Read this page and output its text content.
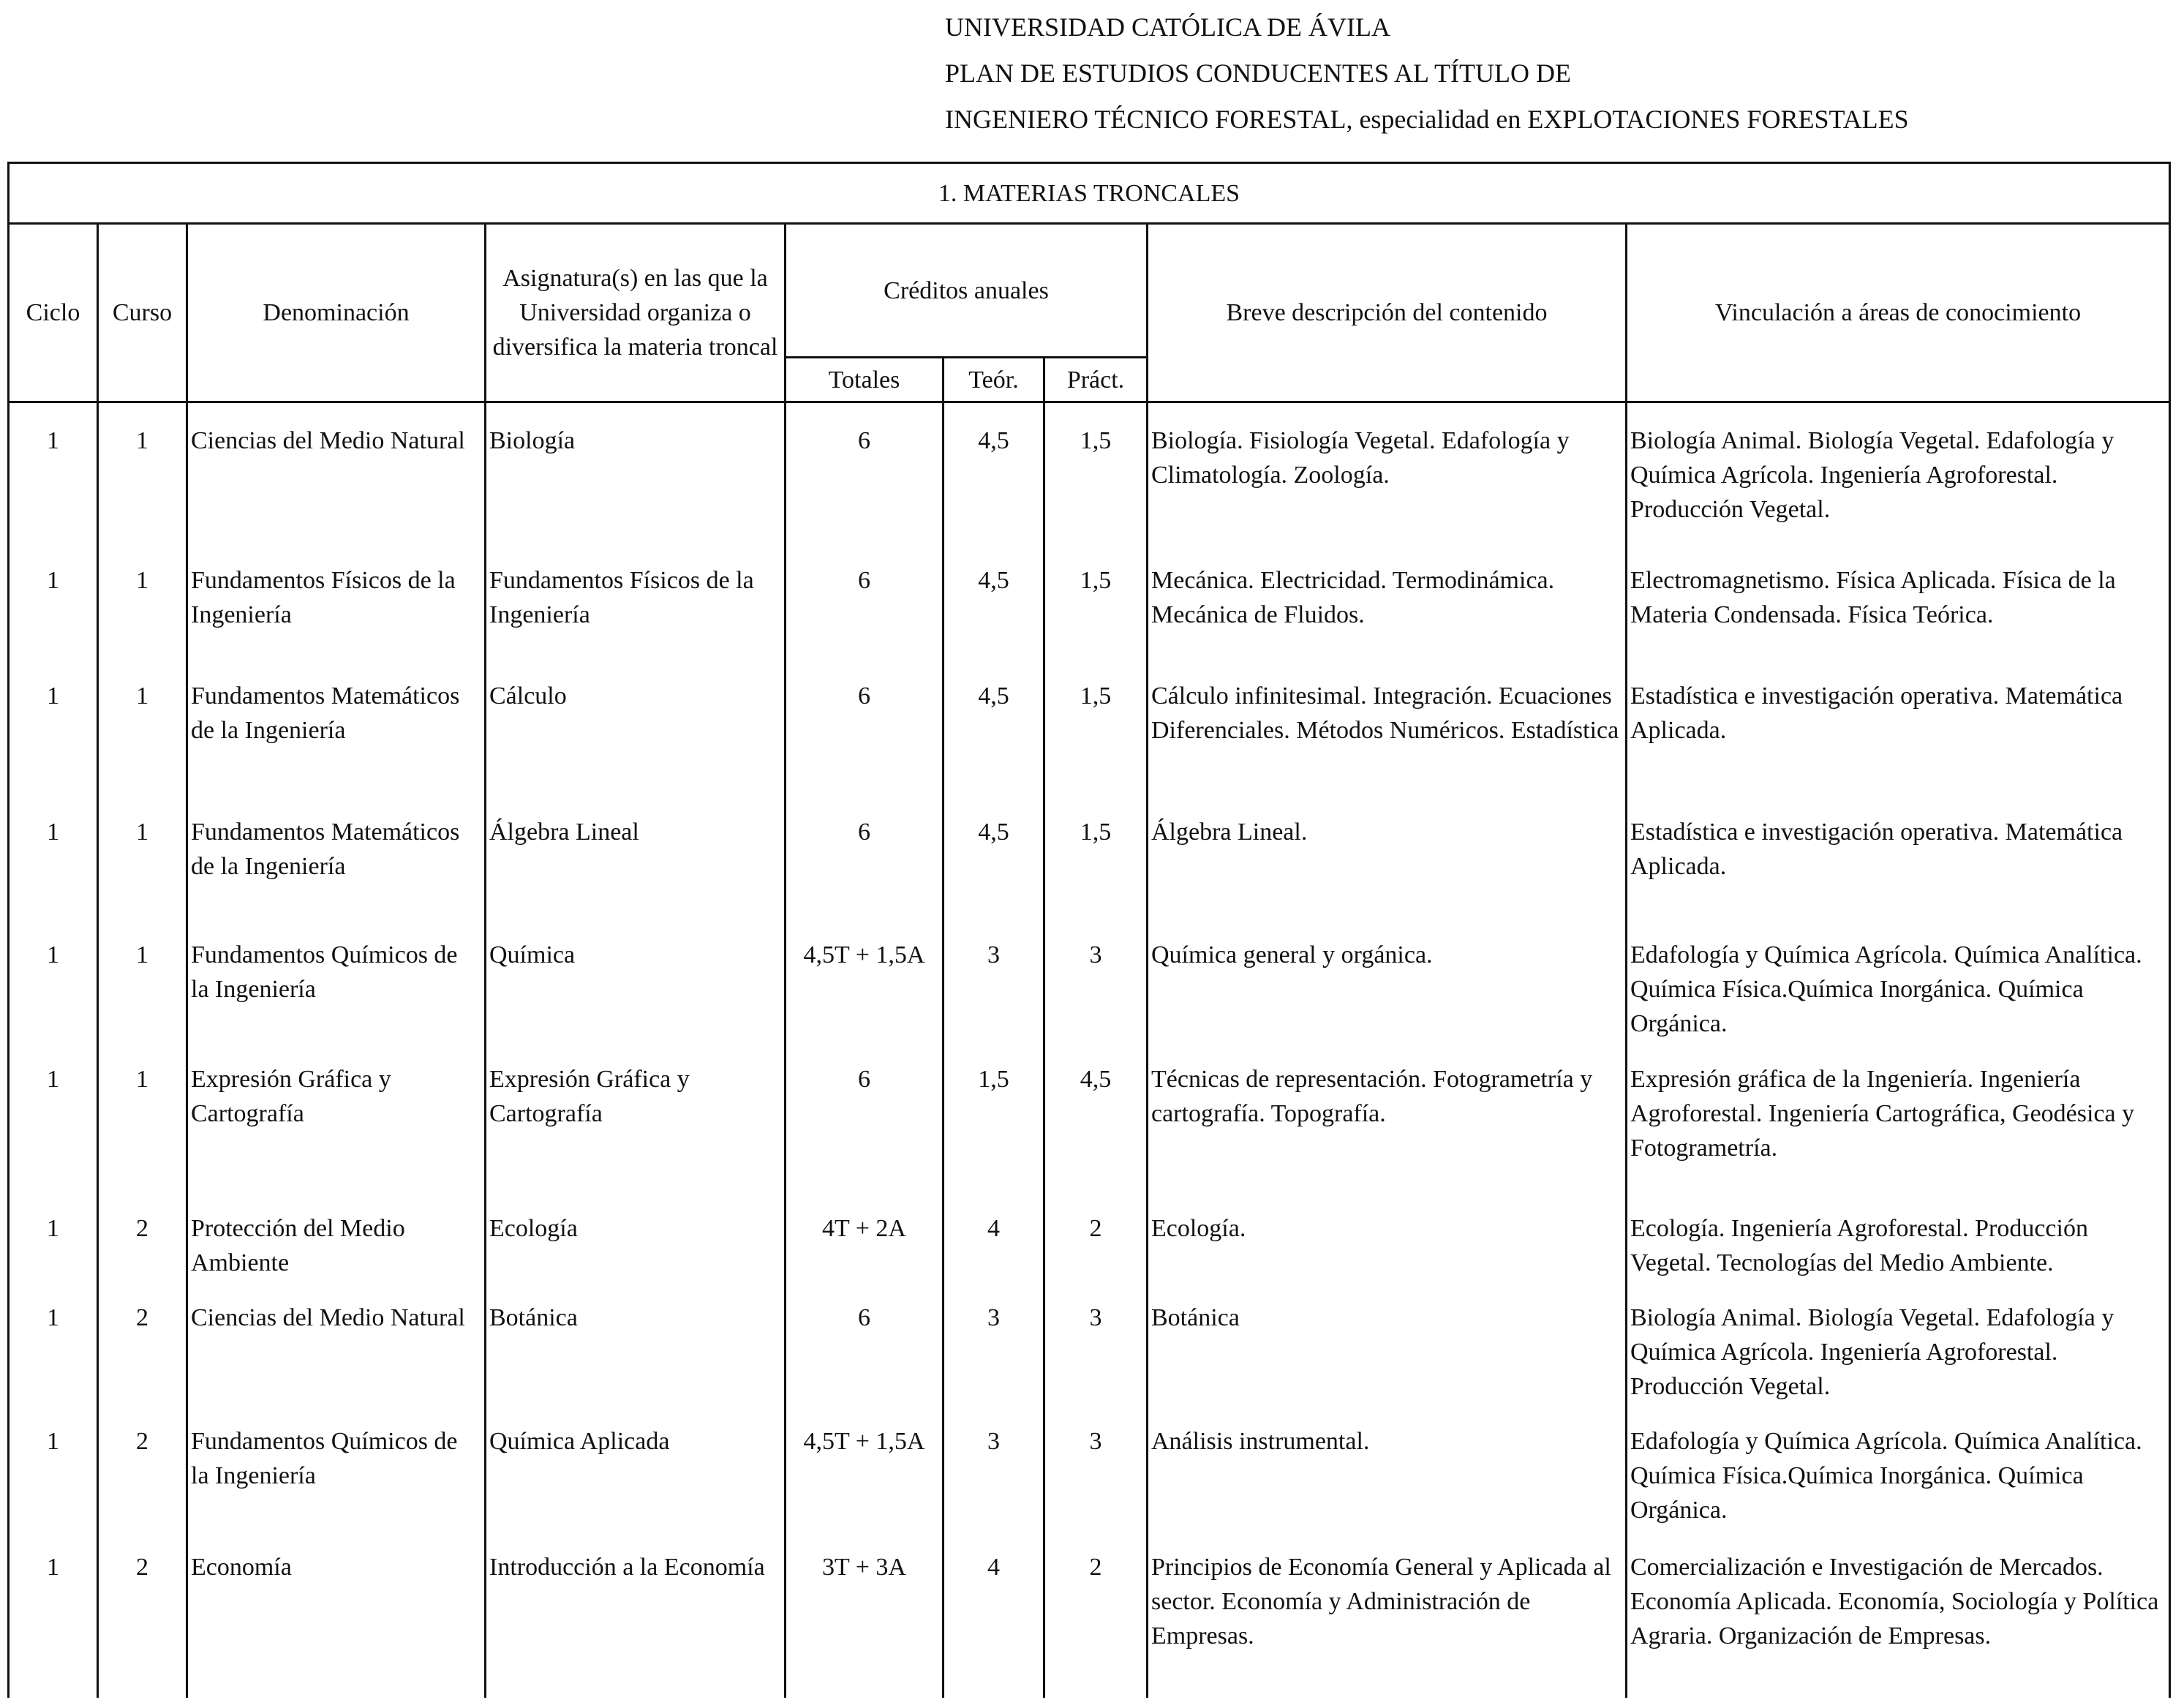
UNIVERSIDAD CATÓLICA DE ÁVILA
PLAN DE ESTUDIOS CONDUCENTES AL TÍTULO DE
INGENIERO TÉCNICO FORESTAL, especialidad en EXPLOTACIONES FORESTALES
1. MATERIAS TRONCALES								
Ciclo	Curso	Denominación	Asignatura(s) en las que la Universidad organiza o diversifica la materia troncal	Créditos anuales			Breve descripción del contenido	Vinculación a áreas de conocimiento
				Totales	Teór.	Práct.		
1	1	Ciencias del Medio Natural	Biología	6	4,5	1,5	Biología. Fisiología Vegetal. Edafología y Climatología. Zoología.	Biología Animal. Biología Vegetal. Edafología y Química Agrícola. Ingeniería Agroforestal. Producción Vegetal.
1	1	Fundamentos Físicos de la Ingeniería	Fundamentos Físicos de la Ingeniería	6	4,5	1,5	Mecánica. Electricidad. Termodinámica. Mecánica de Fluidos.	Electromagnetismo. Física Aplicada. Física de la Materia Condensada. Física Teórica.
1	1	Fundamentos Matemáticos de la Ingeniería	Cálculo	6	4,5	1,5	Cálculo infinitesimal. Integración. Ecuaciones Diferenciales. Métodos Numéricos. Estadística	Estadística e investigación operativa. Matemática Aplicada.
1	1	Fundamentos Matemáticos de la Ingeniería	Álgebra Lineal	6	4,5	1,5	Álgebra Lineal.	Estadística e investigación operativa. Matemática Aplicada.
1	1	Fundamentos Químicos de la Ingeniería	Química	4,5T + 1,5A	3	3	Química general y orgánica.	Edafología y Química Agrícola. Química Analítica. Química Física.Química Inorgánica. Química Orgánica.
1	1	Expresión Gráfica y Cartografía	Expresión Gráfica y Cartografía	6	1,5	4,5	Técnicas de representación. Fotogrametría y cartografía. Topografía.	Expresión gráfica de la Ingeniería. Ingeniería Agroforestal. Ingeniería Cartográfica, Geodésica y Fotogrametría.
1	2	Protección del Medio Ambiente	Ecología	4T + 2A	4	2	Ecología.	Ecología. Ingeniería Agroforestal. Producción Vegetal. Tecnologías del Medio Ambiente.
1	2	Ciencias del Medio Natural	Botánica	6	3	3	Botánica	Biología Animal. Biología Vegetal. Edafología y Química Agrícola. Ingeniería Agroforestal. Producción Vegetal.
1	2	Fundamentos Químicos de la Ingeniería	Química Aplicada	4,5T + 1,5A	3	3	Análisis instrumental.	Edafología y Química Agrícola. Química Analítica. Química Física.Química Inorgánica. Química Orgánica.
1	2	Economía	Introducción a la Economía	3T + 3A	4	2	Principios de Economía General y Aplicada al sector. Economía y Administración de Empresas.	Comercialización e Investigación de Mercados. Economía Aplicada. Economía, Sociología y Política Agraria. Organización de Empresas.
